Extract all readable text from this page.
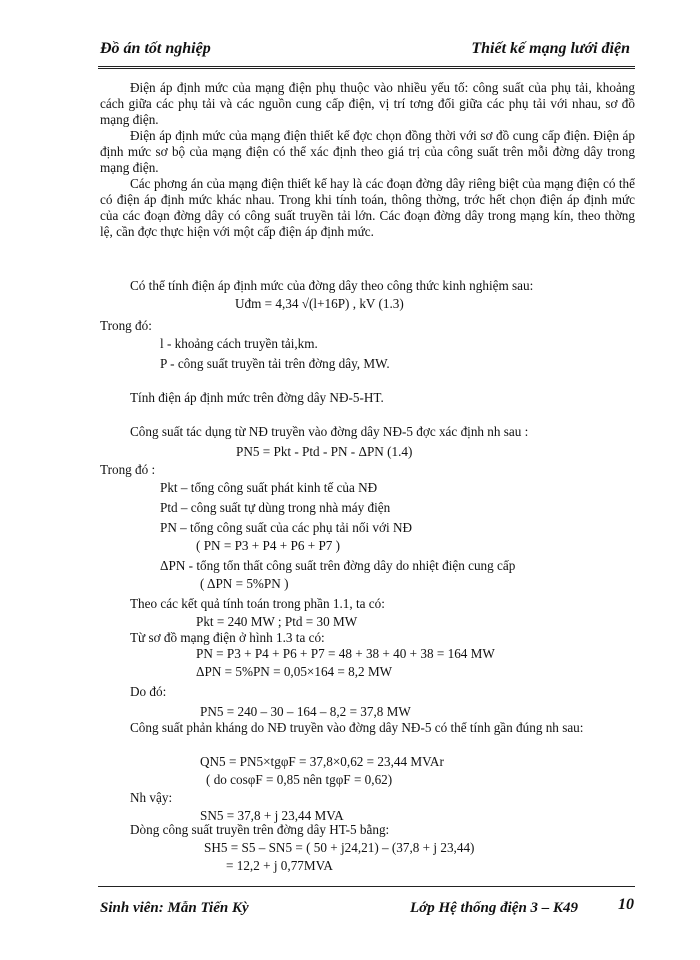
Đồ án tốt nghiệp	Thiết kế mạng lưới điện

Điện áp định mức của mạng điện phụ thuộc vào nhiều yếu tố: công suất của phụ tải, khoảng cách giữa các phụ tải và các nguồn cung cấp điện, vị trí tơng đối giữa các phụ tải với nhau, sơ đồ mạng điện.

Điện áp định mức của mạng điện thiết kế đợc chọn đồng thời với sơ đồ cung cấp điện. Điện áp định mức sơ bộ của mạng điện có thể xác định theo giá trị của công suất trên mỗi đờng dây trong mạng điện.

Các phơng án của mạng điện thiết kế hay là các đoạn đờng dây riêng biệt của mạng điện có thể có điện áp định mức khác nhau. Trong khi tính toán, thông thờng, trớc hết chọn điện áp định mức của các đoạn đờng dây có công suất truyền tải lớn. Các đoạn đờng dây trong mạng kín, theo thờng lệ, cần đợc thực hiện với một cấp điện áp định mức.

Có thể tính điện áp định mức của đờng dây theo công thức kinh nghiệm sau:
Uđm = 4,34 √(l+16P) , kV (1.3)
Trong đó:
l - khoảng cách truyền tải,km.
P - công suất truyền tải trên đờng dây, MW.
Tính điện áp định mức trên đờng dây NĐ-5-HT.
Công suất tác dụng từ NĐ truyền vào đờng dây NĐ-5 đợc xác định nh sau :
PN5 = Pkt - Ptd - PN - ΔPN (1.4)
Trong đó :
Pkt – tổng công suất phát kinh tế của NĐ
Ptd – công suất tự dùng trong nhà máy điện
PN – tổng công suất của các phụ tải nối với NĐ
( PN = P3 + P4 + P6 + P7 )
ΔPN - tổng tổn thất công suất trên đờng dây do nhiệt điện cung cấp
( ΔPN = 5%PN )
Theo các kết quả tính toán trong phần 1.1, ta có:
Pkt = 240 MW ; Ptd = 30 MW
Từ sơ đồ mạng điện ở hình 1.3 ta có:
PN = P3 + P4 + P6 + P7 = 48 + 38 + 40 + 38 = 164 MW
ΔPN = 5%PN = 0,05×164 = 8,2 MW
Do đó:
PN5 = 240 – 30 – 164 – 8,2 = 37,8 MW

Công suất phản kháng do NĐ truyền vào đờng dây NĐ-5 có thể tính gần đúng nh sau:

QN5 = PN5×tgφF = 37,8×0,62 = 23,44 MVAr
( do cosφF = 0,85 nên tgφF = 0,62)
Nh vậy:
SN5 = 37,8 + j 23,44 MVA
Dòng công suất truyền trên đờng dây HT-5 bằng:
SH5 = S5 – SN5 = ( 50 + j24,21) – (37,8 + j 23,44)
= 12,2 + j 0,77MVA
Sinh viên: Mẫn Tiến Kỳ	Lớp Hệ thống điện 3 – K49 10
